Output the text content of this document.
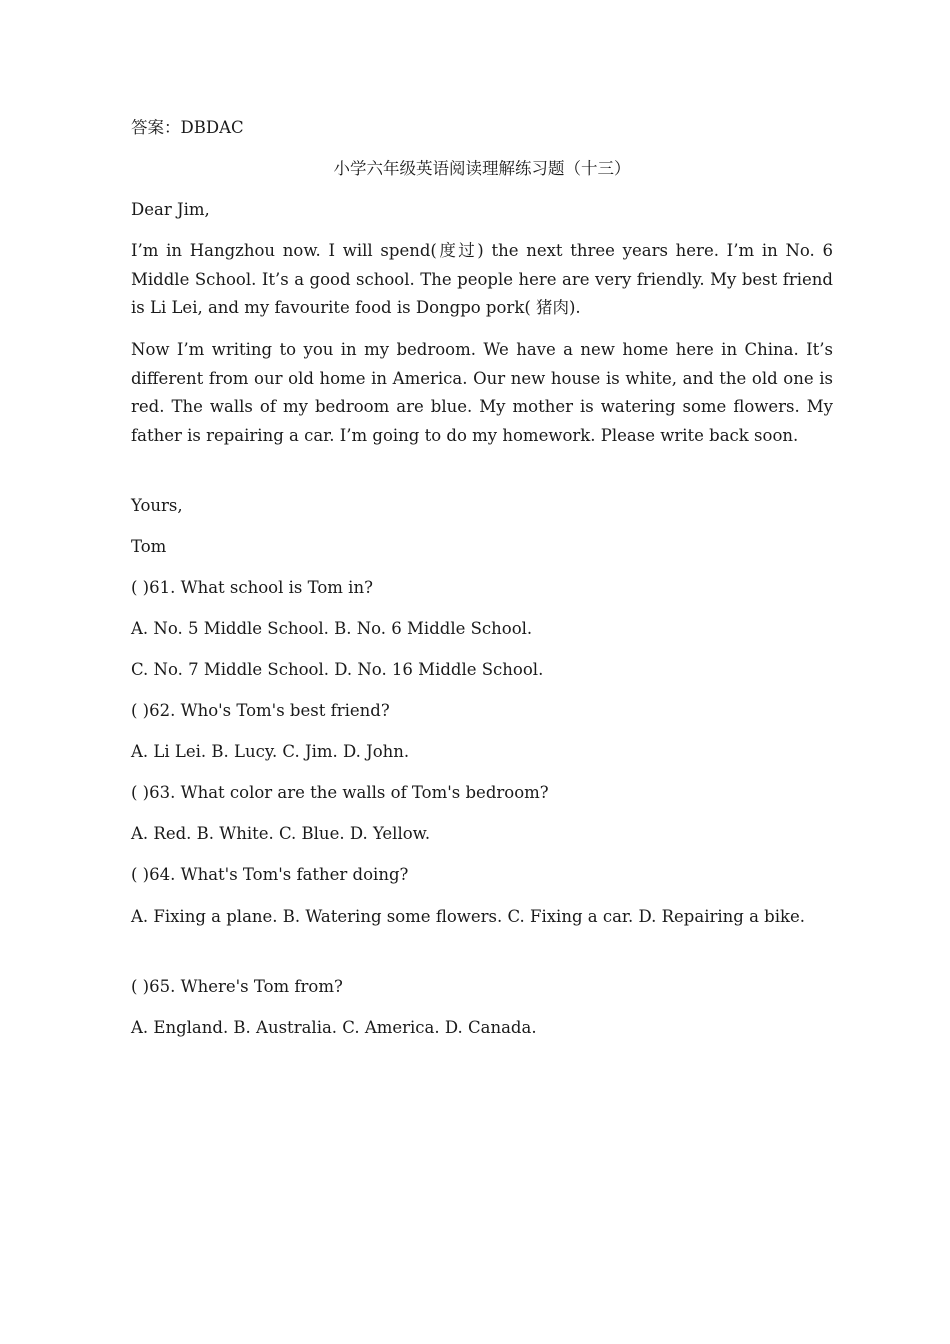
答案：DBDAC

小学六年级英语阅读理解练习题（十三）

Dear Jim,

I’m in Hangzhou now. I will spend(度过) the next three years here. I’m in No. 6 Middle School. It’s a good school. The people here are very friendly. My best friend is Li Lei, and my favourite food is Dongpo pork( 猪肉).

Now I’m writing to you in my bedroom. We have a new home here in China. It’s different from our old home in America. Our new house is white, and the old one is red. The walls of my bedroom are blue. My mother is watering some flowers. My father is repairing a car. I’m going to do my homework. Please write back soon.

Yours,

Tom

( )61. What school is Tom in?

A. No. 5 Middle School. B. No. 6 Middle School.

C. No. 7 Middle School. D. No. 16 Middle School.

( )62. Who's Tom's best friend?

A. Li Lei. B. Lucy. C. Jim. D. John.

( )63. What color are the walls of Tom's bedroom?

A. Red. B. White. C. Blue. D. Yellow.

( )64. What's Tom's father doing?

A. Fixing a plane. B. Watering some flowers. C. Fixing a car. D. Repairing a bike.

( )65. Where's Tom from?

A. England. B. Australia. C. America. D. Canada.
